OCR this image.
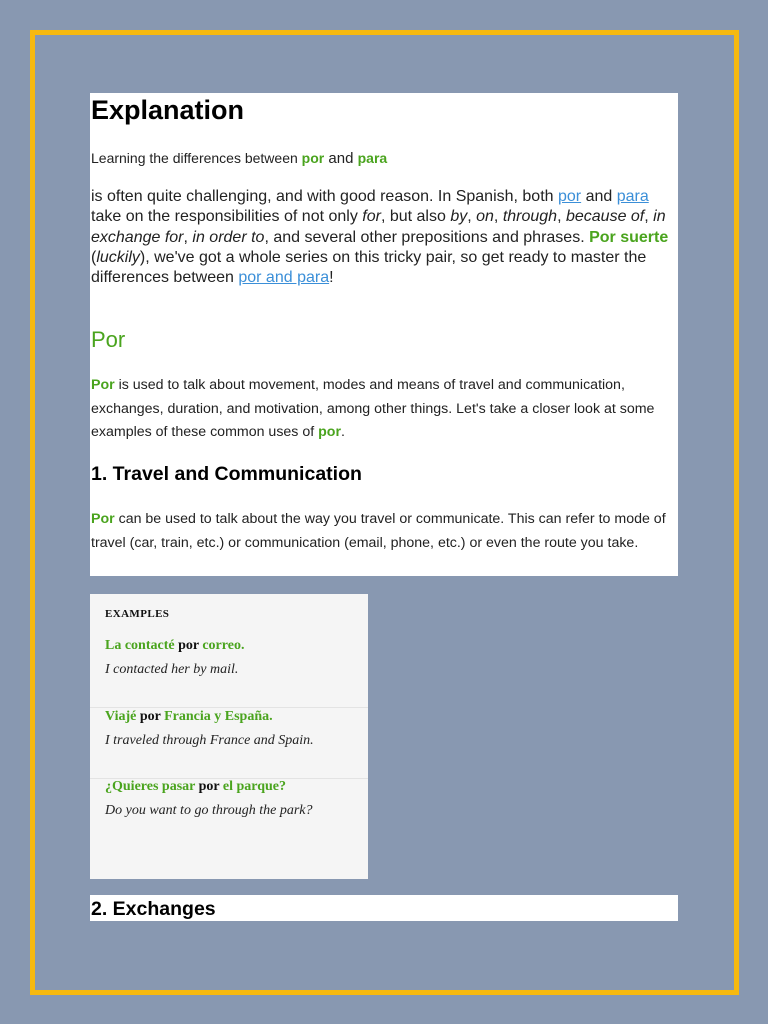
Explanation

Learning the differences between por and para

is often quite challenging, and with good reason. In Spanish, both por and para take on the responsibilities of not only for, but also by, on, through, because of, in exchange for, in order to, and several other prepositions and phrases. Por suerte (luckily), we've got a whole series on this tricky pair, so get ready to master the differences between por and para!

Por

Por is used to talk about movement, modes and means of travel and communication, exchanges, duration, and motivation, among other things. Let's take a closer look at some examples of these common uses of por.

1. Travel and Communication

Por can be used to talk about the way you travel or communicate. This can refer to mode of travel (car, train, etc.) or communication (email, phone, etc.) or even the route you take.

EXAMPLES
La contacté por correo.
I contacted her by mail.
Viajé por Francia y España.
I traveled through France and Spain.
¿Quieres pasar por el parque?
Do you want to go through the park?
2. Exchanges
